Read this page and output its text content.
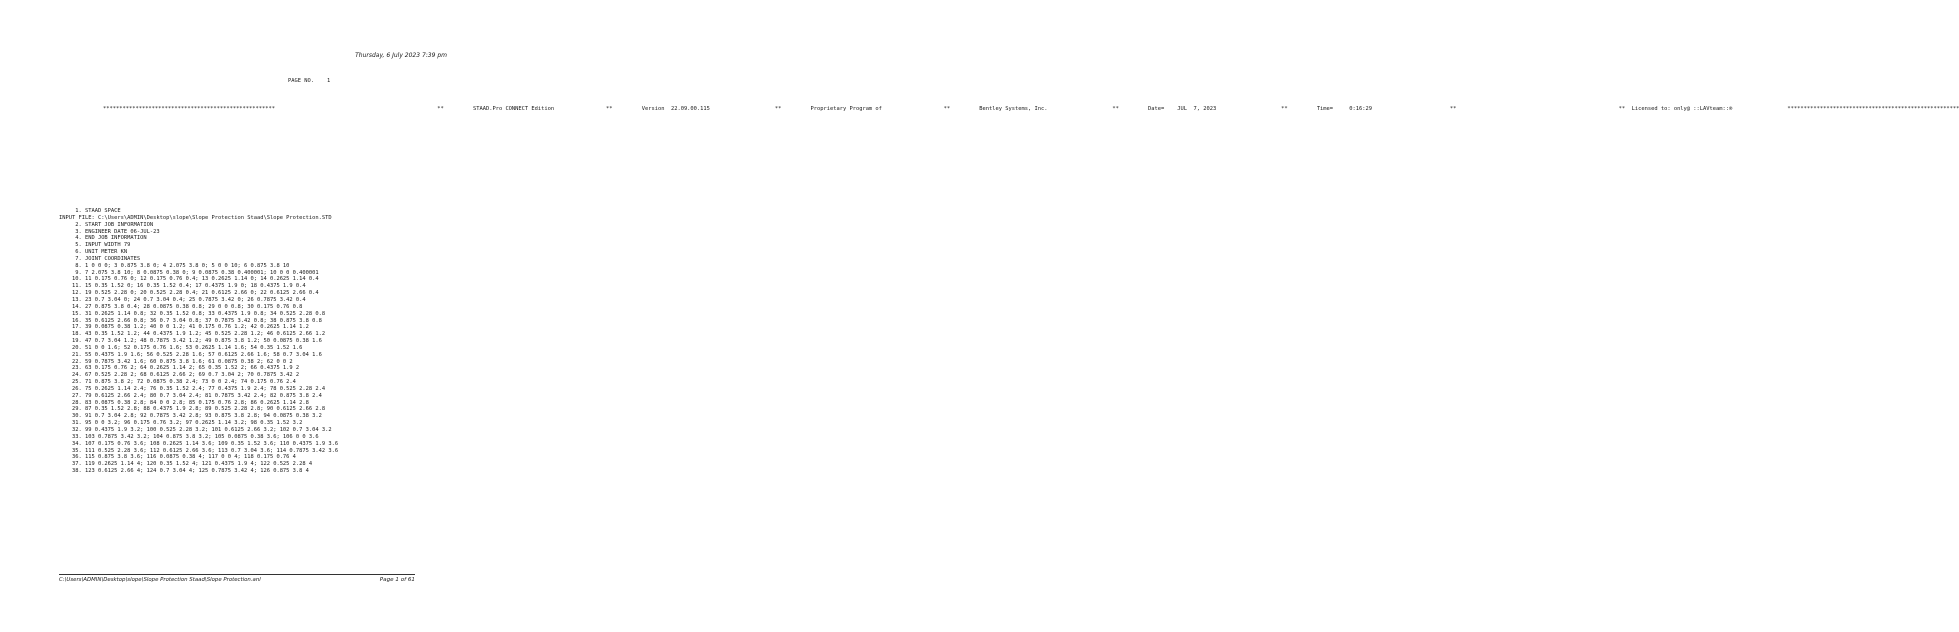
Thursday, 6 July 2023 7:39 pm
PAGE NO.    1
*****************************************************                                                  **         STAAD.Pro CONNECT Edition                **         Version  22.09.00.115                    **         Proprietary Program of                   **         Bentley Systems, Inc.                    **         Date=    JUL  7, 2023                    **         Time=     0:16:29                        **                                                  **  Licensed to: only@ ::LAVteam::®                 *****************************************************
1. STAAD SPACE
INPUT FILE: C:\Users\ADMIN\Desktop\slope\Slope Protection Staad\Slope Protection.STD
2. START JOB INFORMATION
3. ENGINEER DATE 06-JUL-23
4. END JOB INFORMATION
5. INPUT WIDTH 79
6. UNIT METER KN
7. JOINT COORDINATES
8. 1 0 0 0; 3 0.875 3.8 0; 4 2.075 3.8 0; 5 0 0 10; 6 0.875 3.8 10
9. 7 2.075 3.8 10; 8 0.0875 0.38 0; 9 0.0875 0.38 0.400001; 10 0 0 0.400001
10. 11 0.175 0.76 0; 12 0.175 0.76 0.4; 13 0.2625 1.14 0; 14 0.2625 1.14 0.4
11. 15 0.35 1.52 0; 16 0.35 1.52 0.4; 17 0.4375 1.9 0; 18 0.4375 1.9 0.4
12. 19 0.525 2.28 0; 20 0.525 2.28 0.4; 21 0.6125 2.66 0; 22 0.6125 2.66 0.4
13. 23 0.7 3.04 0; 24 0.7 3.04 0.4; 25 0.7875 3.42 0; 26 0.7875 3.42 0.4
14. 27 0.875 3.8 0.4; 28 0.0875 0.38 0.8; 29 0 0 0.8; 30 0.175 0.76 0.8
15. 31 0.2625 1.14 0.8; 32 0.35 1.52 0.8; 33 0.4375 1.9 0.8; 34 0.525 2.28 0.8
16. 35 0.6125 2.66 0.8; 36 0.7 3.04 0.8; 37 0.7875 3.42 0.8; 38 0.875 3.8 0.8
17. 39 0.0875 0.38 1.2; 40 0 0 1.2; 41 0.175 0.76 1.2; 42 0.2625 1.14 1.2
18. 43 0.35 1.52 1.2; 44 0.4375 1.9 1.2; 45 0.525 2.28 1.2; 46 0.6125 2.66 1.2
19. 47 0.7 3.04 1.2; 48 0.7875 3.42 1.2; 49 0.875 3.8 1.2; 50 0.0875 0.38 1.6
20. 51 0 0 1.6; 52 0.175 0.76 1.6; 53 0.2625 1.14 1.6; 54 0.35 1.52 1.6
21. 55 0.4375 1.9 1.6; 56 0.525 2.28 1.6; 57 0.6125 2.66 1.6; 58 0.7 3.04 1.6
22. 59 0.7875 3.42 1.6; 60 0.875 3.8 1.6; 61 0.0875 0.38 2; 62 0 0 2
23. 63 0.175 0.76 2; 64 0.2625 1.14 2; 65 0.35 1.52 2; 66 0.4375 1.9 2
24. 67 0.525 2.28 2; 68 0.6125 2.66 2; 69 0.7 3.04 2; 70 0.7875 3.42 2
25. 71 0.875 3.8 2; 72 0.0875 0.38 2.4; 73 0 0 2.4; 74 0.175 0.76 2.4
26. 75 0.2625 1.14 2.4; 76 0.35 1.52 2.4; 77 0.4375 1.9 2.4; 78 0.525 2.28 2.4
27. 79 0.6125 2.66 2.4; 80 0.7 3.04 2.4; 81 0.7875 3.42 2.4; 82 0.875 3.8 2.4
28. 83 0.0875 0.38 2.8; 84 0 0 2.8; 85 0.175 0.76 2.8; 86 0.2625 1.14 2.8
29. 87 0.35 1.52 2.8; 88 0.4375 1.9 2.8; 89 0.525 2.28 2.8; 90 0.6125 2.66 2.8
30. 91 0.7 3.04 2.8; 92 0.7875 3.42 2.8; 93 0.875 3.8 2.8; 94 0.0875 0.38 3.2
31. 95 0 0 3.2; 96 0.175 0.76 3.2; 97 0.2625 1.14 3.2; 98 0.35 1.52 3.2
32. 99 0.4375 1.9 3.2; 100 0.525 2.28 3.2; 101 0.6125 2.66 3.2; 102 0.7 3.04 3.2
33. 103 0.7875 3.42 3.2; 104 0.875 3.8 3.2; 105 0.0875 0.38 3.6; 106 0 0 3.6
34. 107 0.175 0.76 3.6; 108 0.2625 1.14 3.6; 109 0.35 1.52 3.6; 110 0.4375 1.9 3.6
35. 111 0.525 2.28 3.6; 112 0.6125 2.66 3.6; 113 0.7 3.04 3.6; 114 0.7875 3.42 3.6
36. 115 0.875 3.8 3.6; 116 0.0875 0.38 4; 117 0 0 4; 118 0.175 0.76 4
37. 119 0.2625 1.14 4; 120 0.35 1.52 4; 121 0.4375 1.9 4; 122 0.525 2.28 4
38. 123 0.6125 2.66 4; 124 0.7 3.04 4; 125 0.7875 3.42 4; 126 0.875 3.8 4
C:\Users\ADMIN\Desktop\slope\Slope Protection Staad\Slope Protection.anl	Page 1 of 61
